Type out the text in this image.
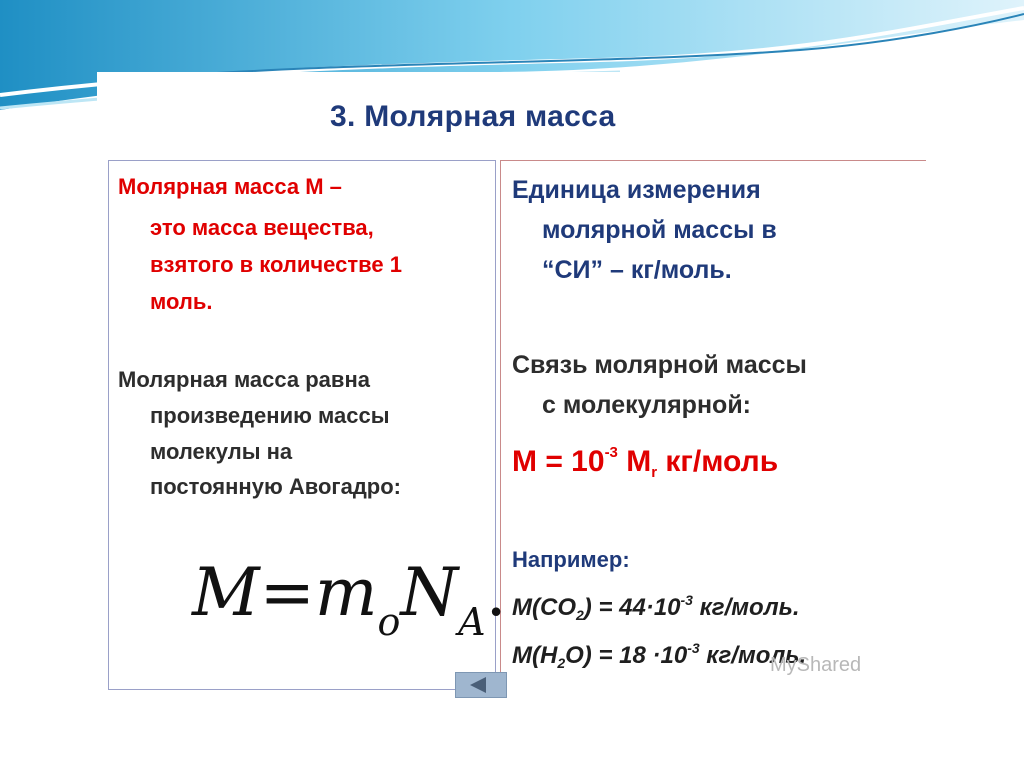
3. Молярная масса

Молярная масса М –

это масса вещества,

взятого в количестве 1

моль.

Молярная масса равна

произведению массы

молекулы на

постоянную Авогадро:

$M=m_oN_A$.

Единица измерения

молярной массы в

“СИ” – кг/моль.

Связь молярной массы

с молекулярной:

$М = 10^{-3}$ $М_r$ кг/моль

Например:

$M(CO_2) = 44\cdot 10^{-3}$ кг/моль.
$M(H_2O) = 18 \cdot 10^{-3}$ кг/моль.
MyShared
